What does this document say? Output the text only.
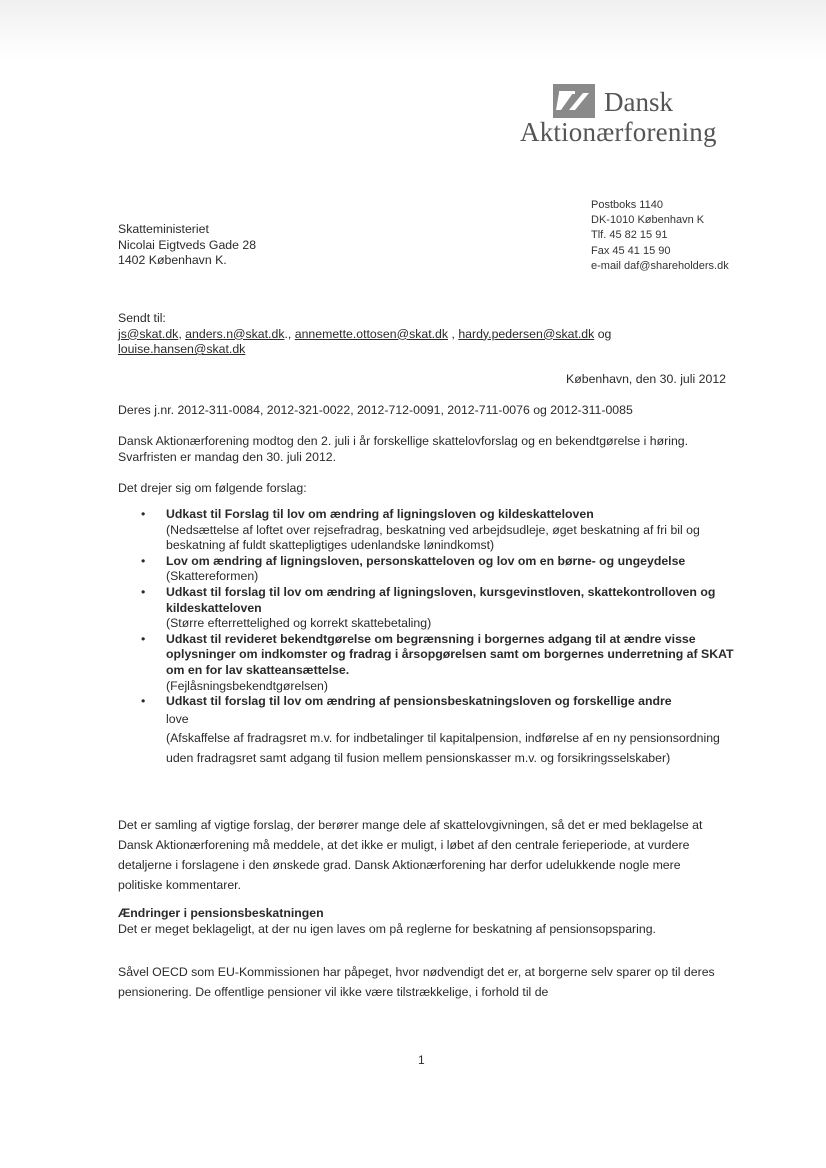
Dansk
Aktionærforening
Postboks 1140
DK-1010 København K
Tlf. 45 82 15 91
Fax 45 41 15 90
e-mail daf@shareholders.dk
Skatteministeriet
Nicolai Eigtveds Gade 28
1402 København K.
Sendt til:
js@skat.dk, anders.n@skat.dk., annemette.ottosen@skat.dk , hardy.pedersen@skat.dk og
louise.hansen@skat.dk
København, den 30. juli 2012
Deres j.nr. 2012-311-0084, 2012-321-0022, 2012-712-0091, 2012-711-0076 og 2012-311-0085
Dansk Aktionærforening modtog den 2. juli i år forskellige skattelovforslag og en bekendtgørelse i høring. Svarfristen er mandag den 30. juli 2012.
Det drejer sig om følgende forslag:
• Udkast til Forslag til lov om ændring af ligningsloven og kildeskatteloven
(Nedsættelse af loftet over rejsefradrag, beskatning ved arbejdsudleje, øget beskatning af fri bil og beskatning af fuldt skattepligtiges udenlandske lønindkomst)
• Lov om ændring af ligningsloven, personskatteloven og lov om en børne- og ungeydelse
(Skattereformen)
• Udkast til forslag til lov om ændring af ligningsloven, kursgevinstloven, skattekontrolloven og kildeskatteloven
(Større efterrettelighed og korrekt skattebetaling)
• Udkast til revideret bekendtgørelse om begrænsning i borgernes adgang til at ændre visse oplysninger om indkomster og fradrag i årsopgørelsen samt om borgernes underretning af SKAT om en for lav skatteansættelse.
(Fejlåsningsbekendtgørelsen)
• Udkast til forslag til lov om ændring af pensionsbeskatningsloven og forskellige andre
love
(Afskaffelse af fradragsret m.v. for indbetalinger til kapitalpension, indførelse af en ny pensionsordning uden fradragsret samt adgang til fusion mellem pensionskasser m.v. og forsikringsselskaber)
Det er samling af vigtige forslag, der berører mange dele af skattelovgivningen, så det er med beklagelse at Dansk Aktionærforening må meddele, at det ikke er muligt, i løbet af den centrale ferieperiode, at vurdere detaljerne i forslagene i den ønskede grad. Dansk Aktionærforening har derfor udelukkende nogle mere politiske kommentarer.
Ændringer i pensionsbeskatningen
Det er meget beklageligt, at der nu igen laves om på reglerne for beskatning af pensionsopsparing.
Såvel OECD som EU-Kommissionen har påpeget, hvor nødvendigt det er, at borgerne selv sparer op til deres pensionering. De offentlige pensioner vil ikke være tilstrækkelige, i forhold til de
1
